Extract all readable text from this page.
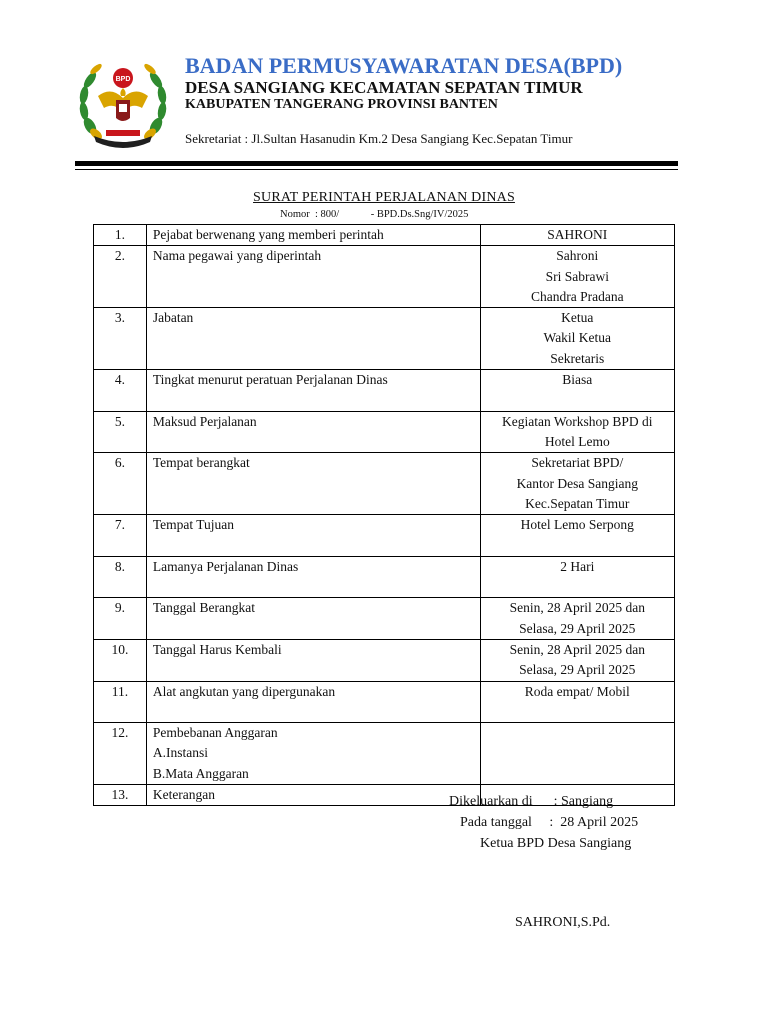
BPD
BADAN PERMUSYAWARATAN DESA(BPD)
DESA SANGIANG KECAMATAN SEPATAN TIMUR
KABUPATEN TANGERANG PROVINSI BANTEN
Sekretariat : Jl.Sultan Hasanudin Km.2 Desa Sangiang Kec.Sepatan Timur
SURAT PERINTAH PERJALANAN DINAS
Nomor  : 800/            - BPD.Ds.Sng/IV/2025
1.	Pejabat berwenang yang memberi perintah	SAHRONI

2.	Nama pegawai yang diperintah	Sahroni
Sri Sabrawi
Chandra Pradana

3.	Jabatan	Ketua
Wakil Ketua
Sekretaris

4.	Tingkat menurut peratuan Perjalanan Dinas	Biasa

5.	Maksud Perjalanan	Kegiatan Workshop BPD di
Hotel Lemo

6.	Tempat berangkat	Sekretariat BPD/
Kantor Desa Sangiang
Kec.Sepatan Timur

7.	Tempat Tujuan	Hotel Lemo Serpong

8.	Lamanya Perjalanan Dinas	2 Hari

9.	Tanggal Berangkat	Senin, 28 April 2025 dan
Selasa, 29 April 2025

10.	Tanggal Harus Kembali	Senin, 28 April 2025 dan
Selasa, 29 April 2025

11.	Alat angkutan yang dipergunakan	Roda empat/ Mobil

12.	Pembebanan Anggaran
A.Instansi
B.Mata Anggaran	

13.	Keterangan	
		Dikeluarkan di      : Sangiang
Pada tanggal     :  28 April 2025
Ketua BPD Desa Sangiang
SAHRONI,S.Pd.
